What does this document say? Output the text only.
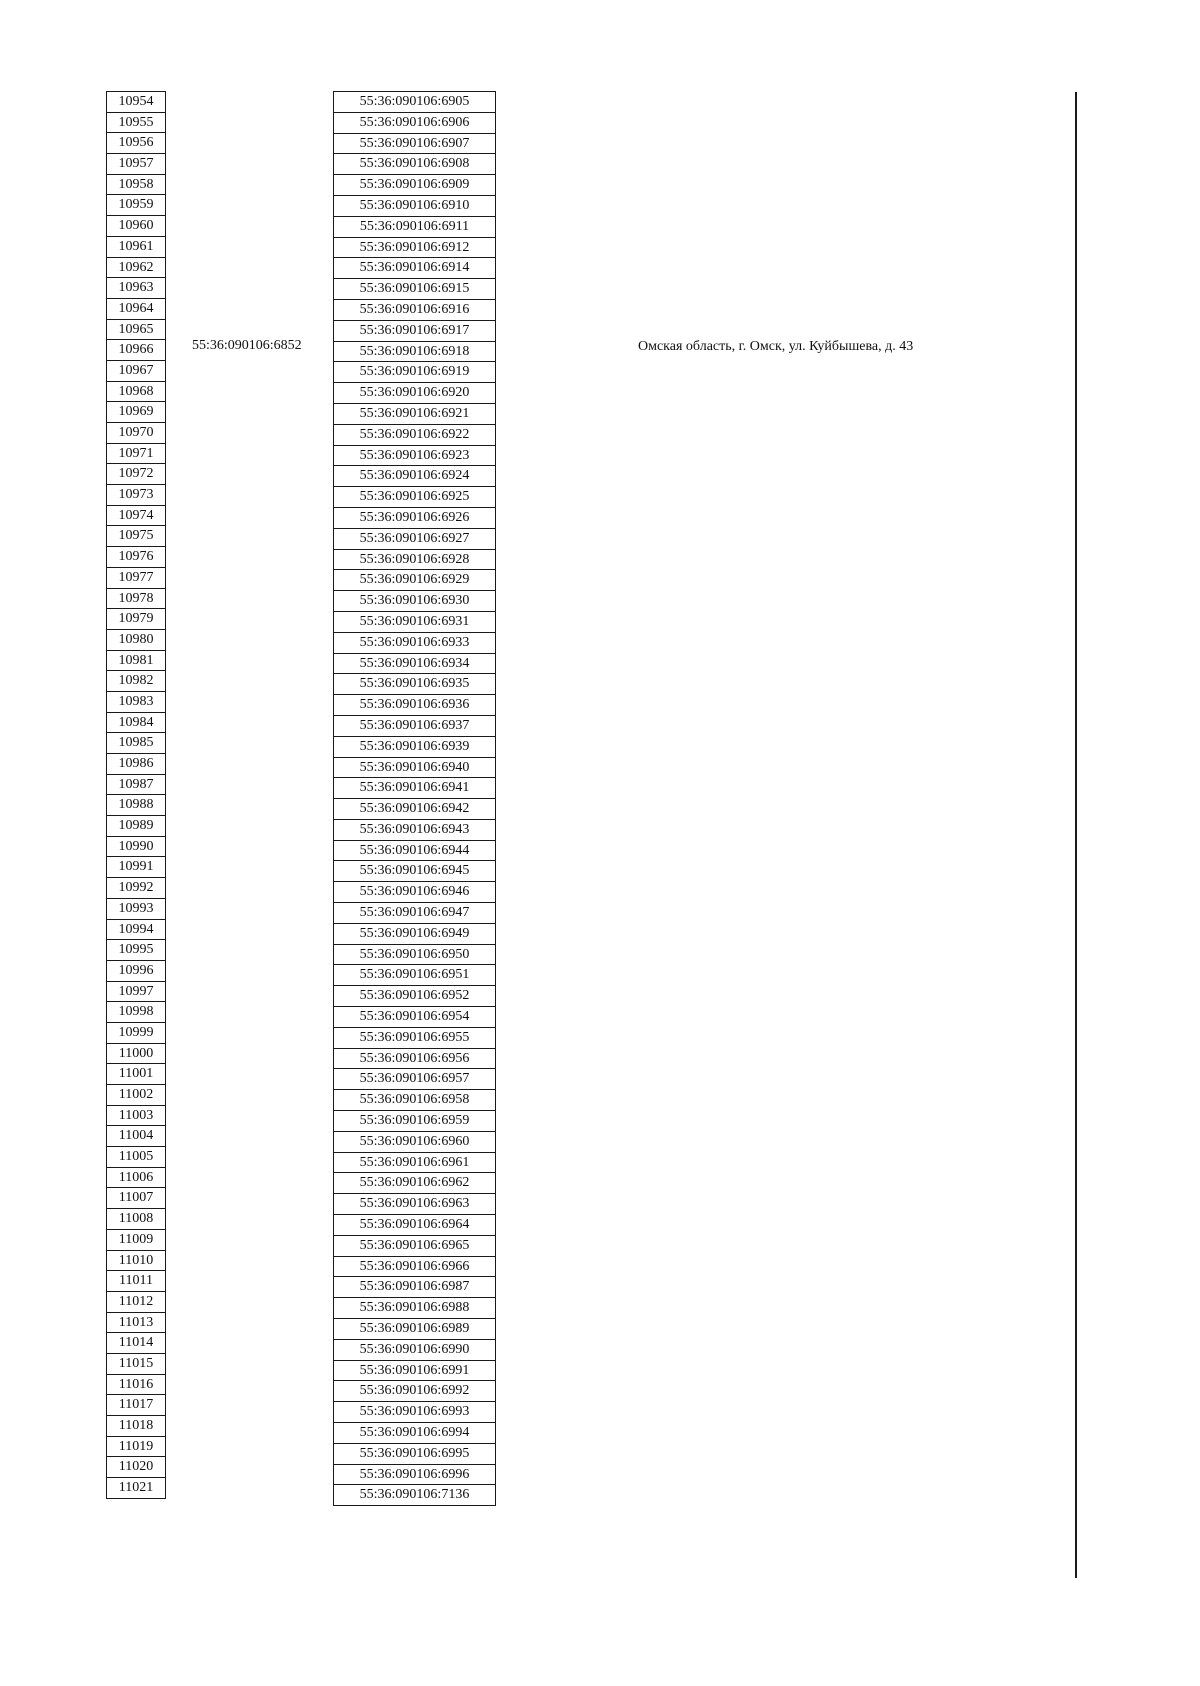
10954
10955
10956
10957
10958
10959
10960
10961
10962
10963
10964
10965
10966
10967
10968
10969
10970
10971
10972
10973
10974
10975
10976
10977
10978
10979
10980
10981
10982
10983
10984
10985
10986
10987
10988
10989
10990
10991
10992
10993
10994
10995
10996
10997
10998
10999
11000
11001
11002
11003
11004
11005
11006
11007
11008
11009
11010
11011
11012
11013
11014
11015
11016
11017
11018
11019
11020
11021
55:36:090106:6852
55:36:090106:6905
55:36:090106:6906
55:36:090106:6907
55:36:090106:6908
55:36:090106:6909
55:36:090106:6910
55:36:090106:6911
55:36:090106:6912
55:36:090106:6914
55:36:090106:6915
55:36:090106:6916
55:36:090106:6917
55:36:090106:6918
55:36:090106:6919
55:36:090106:6920
55:36:090106:6921
55:36:090106:6922
55:36:090106:6923
55:36:090106:6924
55:36:090106:6925
55:36:090106:6926
55:36:090106:6927
55:36:090106:6928
55:36:090106:6929
55:36:090106:6930
55:36:090106:6931
55:36:090106:6933
55:36:090106:6934
55:36:090106:6935
55:36:090106:6936
55:36:090106:6937
55:36:090106:6939
55:36:090106:6940
55:36:090106:6941
55:36:090106:6942
55:36:090106:6943
55:36:090106:6944
55:36:090106:6945
55:36:090106:6946
55:36:090106:6947
55:36:090106:6949
55:36:090106:6950
55:36:090106:6951
55:36:090106:6952
55:36:090106:6954
55:36:090106:6955
55:36:090106:6956
55:36:090106:6957
55:36:090106:6958
55:36:090106:6959
55:36:090106:6960
55:36:090106:6961
55:36:090106:6962
55:36:090106:6963
55:36:090106:6964
55:36:090106:6965
55:36:090106:6966
55:36:090106:6987
55:36:090106:6988
55:36:090106:6989
55:36:090106:6990
55:36:090106:6991
55:36:090106:6992
55:36:090106:6993
55:36:090106:6994
55:36:090106:6995
55:36:090106:6996
55:36:090106:7136
Омская область, г. Омск, ул. Куйбышева, д. 43
